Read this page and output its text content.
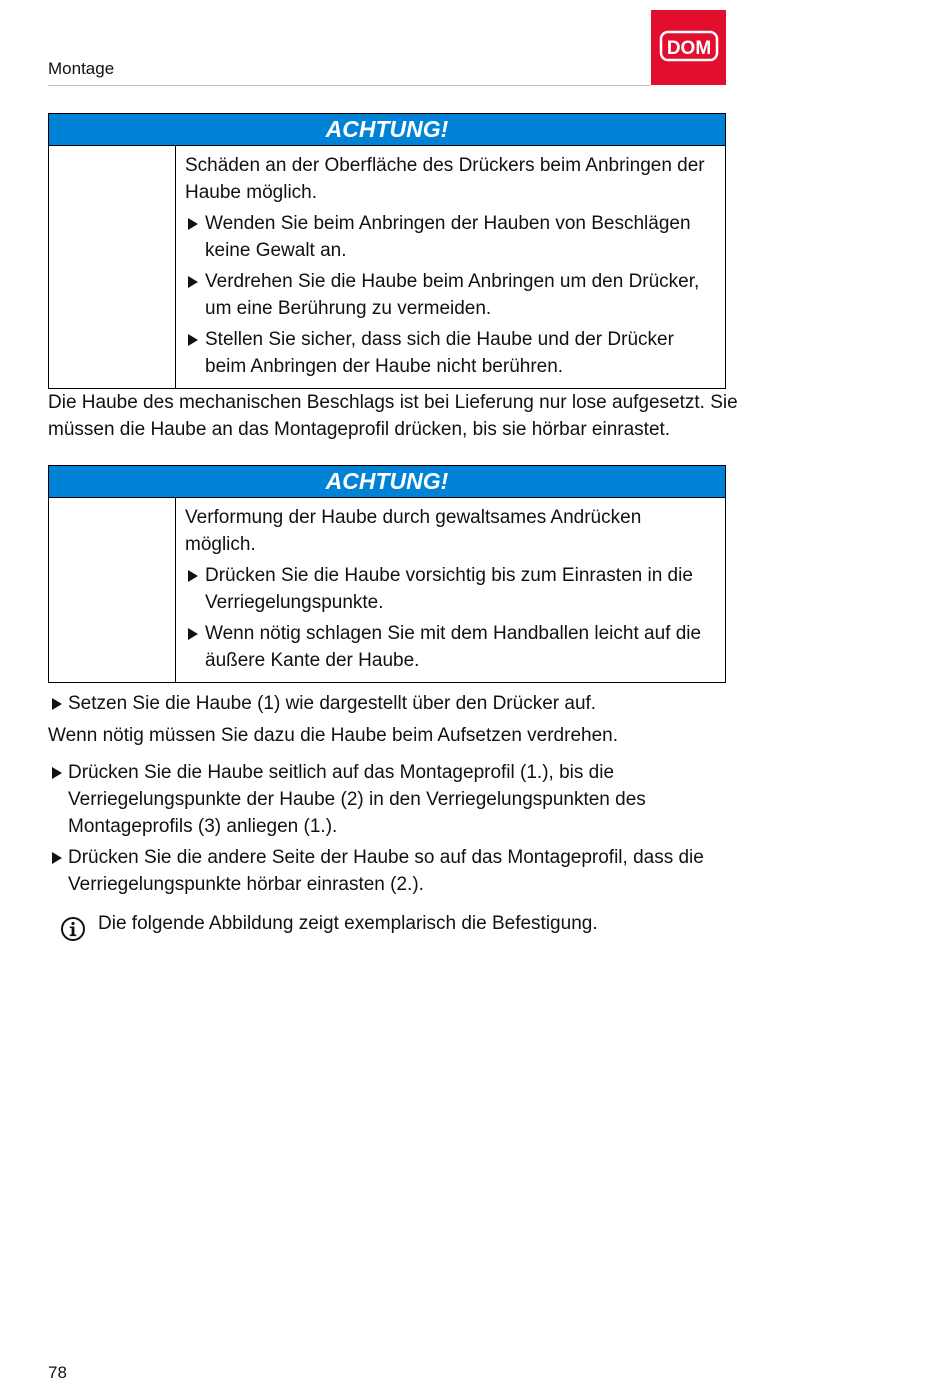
Montage
DOM
ACHTUNG!

Schäden an der Oberfläche des Drückers beim Anbringen der Haube möglich.

Wenden Sie beim Anbringen der Hauben von Beschlägen keine Gewalt an.
Verdrehen Sie die Haube beim Anbringen um den Drücker, um eine Berührung zu vermeiden.
Stellen Sie sicher, dass sich die Haube und der Drücker beim Anbringen der Haube nicht berühren.

Die Haube des mechanischen Beschlags ist bei Lieferung nur lose aufgesetzt. Sie müssen die Haube an das Montageprofil drücken, bis sie hörbar einrastet.

ACHTUNG!

Verformung der Haube durch gewaltsames Andrücken möglich.

Drücken Sie die Haube vorsichtig bis zum Einrasten in die Verriegelungspunkte.
Wenn nötig schlagen Sie mit dem Handballen leicht auf die äußere Kante der Haube.
Setzen Sie die Haube (1) wie dargestellt über den Drücker auf.

Wenn nötig müssen Sie dazu die Haube beim Aufsetzen verdrehen.

Drücken Sie die Haube seitlich auf das Montageprofil (1.), bis die Verriegelungspunkte der Haube (2) in den Verriegelungspunkten des Montageprofils (3) anliegen (1.).
Drücken Sie die andere Seite der Haube so auf das Montageprofil, dass die Verriegelungspunkte hörbar einrasten (2.).
Die folgende Abbildung zeigt exemplarisch die Befestigung.
78
